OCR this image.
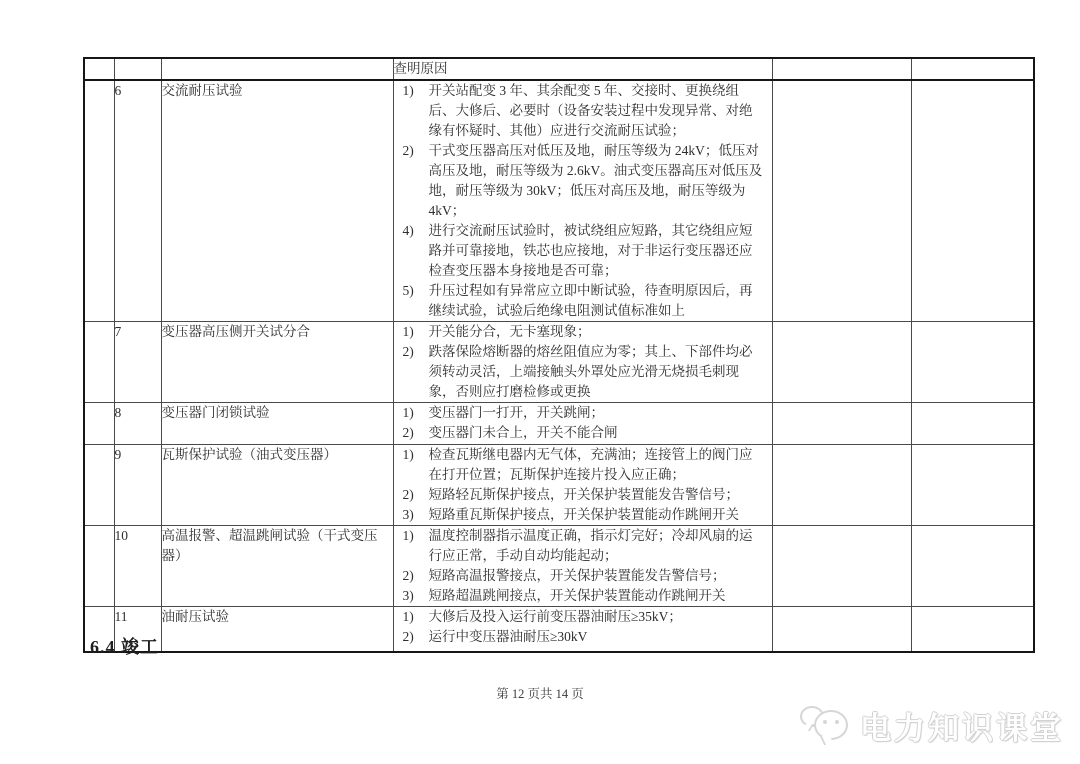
			查明原因		
	6	交流耐压试验	1)	开关站配变 3 年、其余配变 5 年、交接时、更换绕组后、大修后、必要时（设备安装过程中发现异常、对绝缘有怀疑时、其他）应进行交流耐压试验；
2)	干式变压器高压对低压及地，耐压等级为 24kV；低压对高压及地，耐压等级为 2.6kV。油式变压器高压对低压及地，耐压等级为 30kV；低压对高压及地，耐压等级为 4kV；
4)	进行交流耐压试验时，被试绕组应短路，其它绕组应短路并可靠接地，铁芯也应接地，对于非运行变压器还应检查变压器本身接地是否可靠；
5)	升压过程如有异常应立即中断试验，待查明原因后，再继续试验，试验后绝缘电阻测试值标准如上

	7	变压器高压侧开关试分合	1) 开关能分合，无卡塞现象；
2) 跌落保险熔断器的熔丝阻值应为零；其上、下部件均必须转动灵活，上端接触头外罩处应光滑无烧损毛刺现象，否则应打磨检修或更换		

	8	变压器门闭锁试验	1) 变压器门一打开，开关跳闸；
2) 变压器门未合上，开关不能合闸		

	9	瓦斯保护试验（油式变压器）	1)	检查瓦斯继电器内无气体，充满油；连接管上的阀门应在打开位置；瓦斯保护连接片投入应正确；
2)	短路轻瓦斯保护接点，开关保护装置能发告警信号；
3)	短路重瓦斯保护接点，开关保护装置能动作跳闸开关

	10	高温报警、超温跳闸试验（干式变压器）	
1)	温度控制器指示温度正确，指示灯完好；冷却风扇的运行应正常，手动自动均能起动；
2)	短路高温报警接点，开关保护装置能发告警信号；
3)	短路超温跳闸接点，开关保护装置能动作跳闸开关

	11	油耐压试验	1) 大修后及投入运行前变压器油耐压≥35kV；
2) 运行中变压器油耐压≥30kV		

6.4 竣工
第 12 页共 14 页
电力知识课堂
